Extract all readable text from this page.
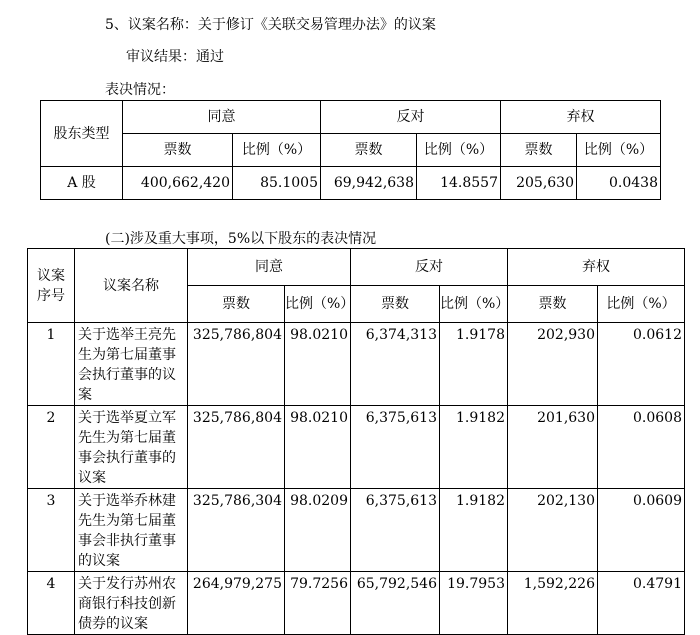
5、议案名称：关于修订《关联交易管理办法》的议案
审议结果：通过
表决情况：
股东类型	同意		反对		弃权	
	票数	比例（%）	票数	比例（%）	票数	比例（%）
A 股	400,662,420	85.1005	69,942,638	14.8557	205,630	0.0438
(二)涉及重大事项，5%以下股东的表决情况
议案序号	议案名称	同意		反对		弃权	
		票数	比例（%）	票数	比例（%）	票数	比例（%）
1	关于选举王亮先生为第七届董事会执行董事的议案	325,786,804	98.0210	6,374,313	1.9178	202,930	0.0612
2	关于选举夏立军先生为第七届董事会执行董事的议案	325,786,804	98.0210	6,375,613	1.9182	201,630	0.0608
3	关于选举乔林建先生为第七届董事会非执行董事的议案	325,786,304	98.0209	6,375,613	1.9182	202,130	0.0609
4	关于发行苏州农商银行科技创新债券的议案	264,979,275	79.7256	65,792,546	19.7953	1,592,226	0.4791
